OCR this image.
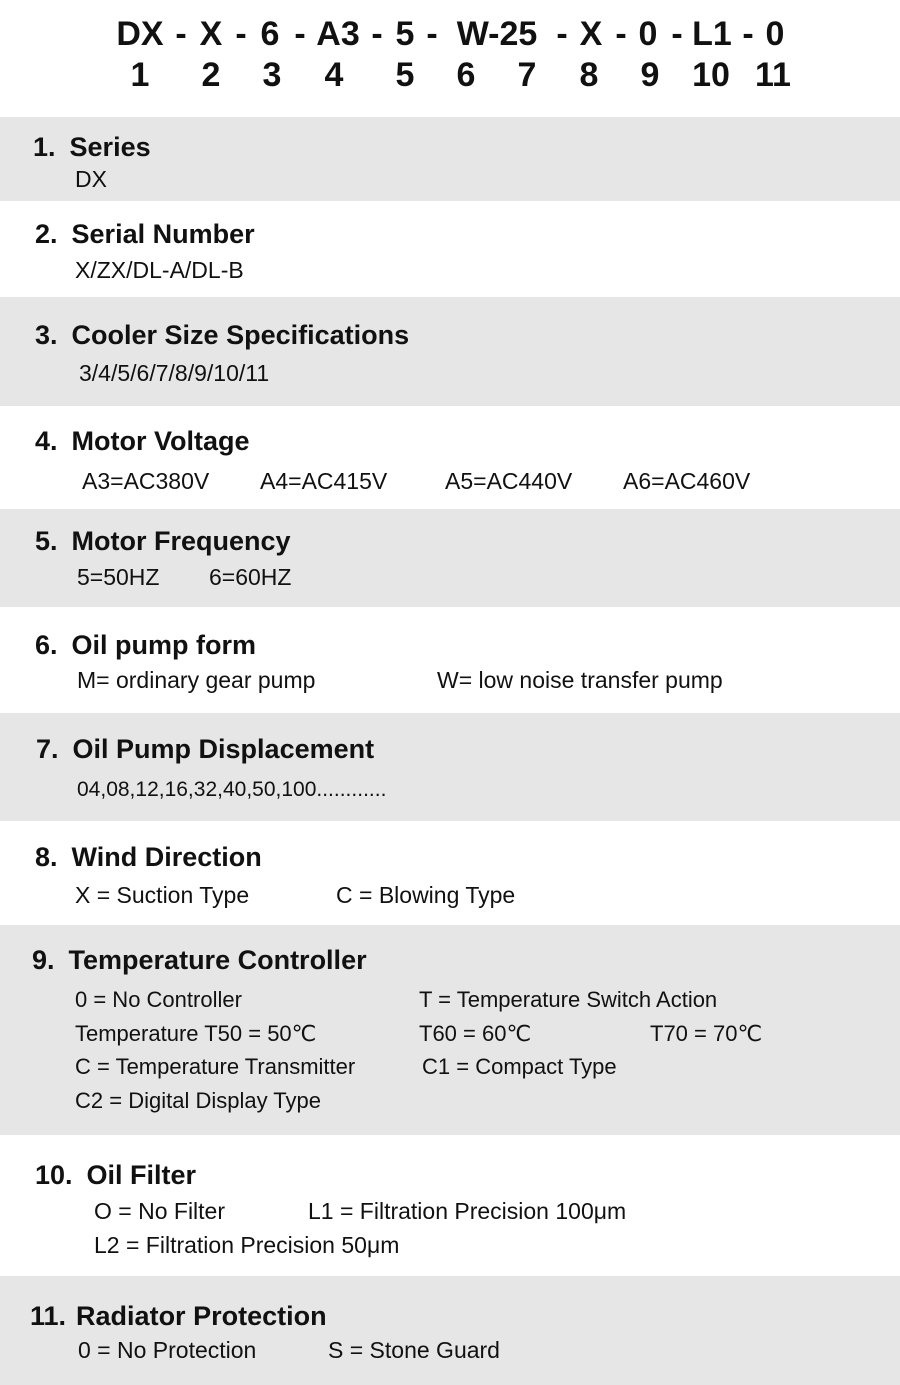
DX - X - 6 - A3 - 5 - W-25 - X - 0 - L1 - 0
1 2 3 4 5 6 7 8 9 10 11
1. Series
DX
2. Serial Number
X/ZX/DL-A/DL-B
3. Cooler Size Specifications
3/4/5/6/7/8/9/10/11
4. Motor Voltage
A3=AC380V A4=AC415V	A5=AC440V A6=AC460V
5. Motor Frequency
5=50HZ 6=60HZ
6. Oil pump form
M= ordinary gear pump	W= low noise transfer pump
7. Oil Pump Displacement
04,08,12,16,32,40,50,100............
8. Wind Direction
X = Suction Type	C = Blowing Type
9. Temperature Controller
0 = No Controller	T = Temperature Switch Action
Temperature T50 = 50℃	T60 = 60℃	T70 = 70℃
C = Temperature Transmitter	C1 = Compact Type
C2 = Digital Display Type
10. Oil Filter
O = No Filter	L1 = Filtration Precision 100μm
L2 = Filtration Precision 50μm
11. Radiator Protection
0 = No Protection	S = Stone Guard
